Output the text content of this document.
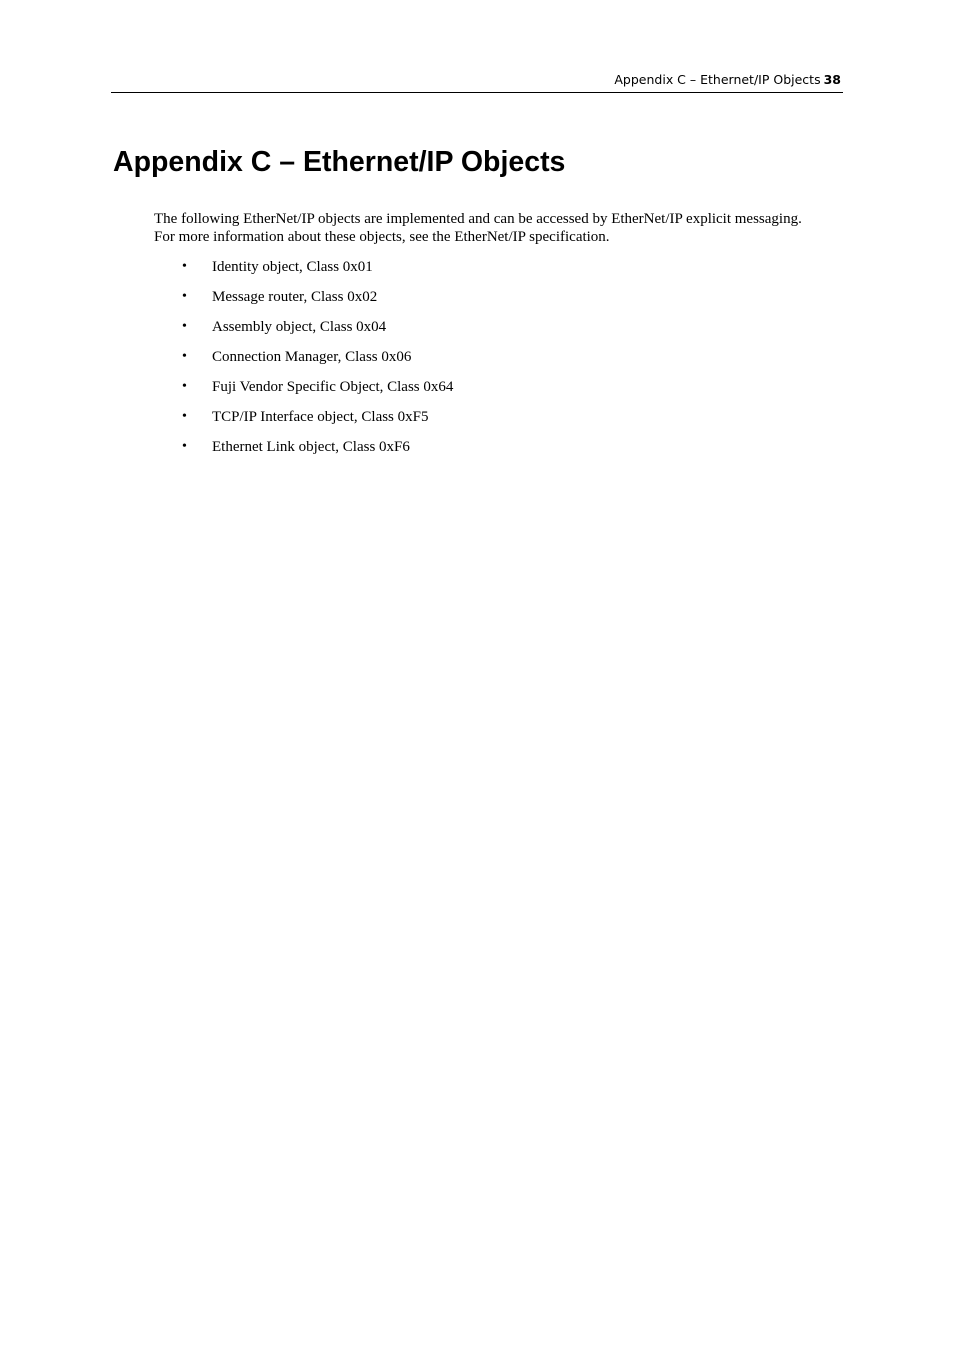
Appendix C – Ethernet/IP Objects 38
Appendix C – Ethernet/IP Objects

The following EtherNet/IP objects are implemented and can be accessed by EtherNet/IP explicit messaging.
For more information about these objects, see the EtherNet/IP specification.

• Identity object, Class 0x01
• Message router, Class 0x02
• Assembly object, Class 0x04
• Connection Manager, Class 0x06
• Fuji Vendor Specific Object, Class 0x64
• TCP/IP Interface object, Class 0xF5
• Ethernet Link object, Class 0xF6
